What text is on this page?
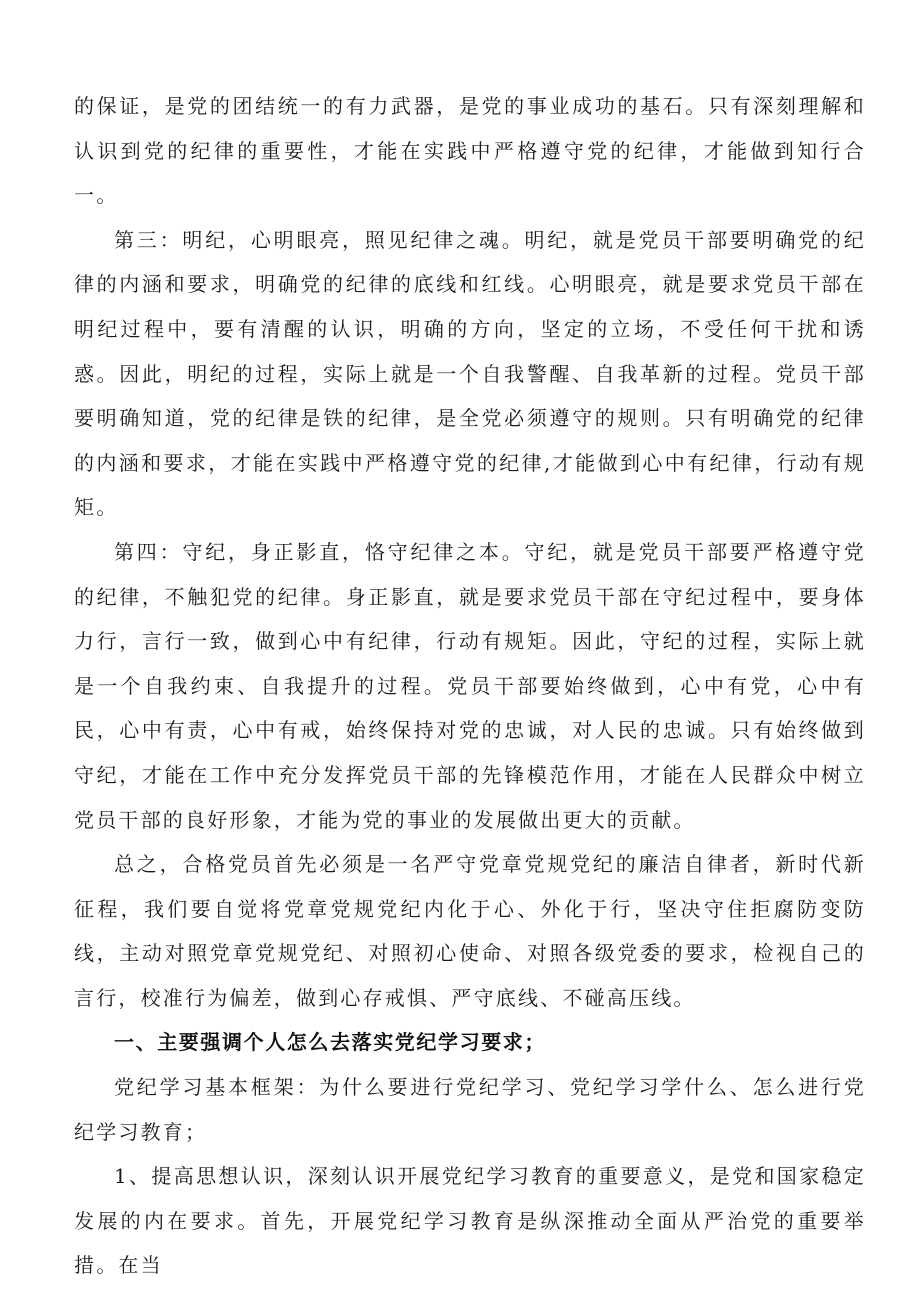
的保证，是党的团结统一的有力武器，是党的事业成功的基石。只有深刻理解和认识到党的纪律的重要性，才能在实践中严格遵守党的纪律，才能做到知行合一。

第三：明纪，心明眼亮，照见纪律之魂。明纪，就是党员干部要明确党的纪律的内涵和要求，明确党的纪律的底线和红线。心明眼亮，就是要求党员干部在明纪过程中，要有清醒的认识，明确的方向，坚定的立场，不受任何干扰和诱惑。因此，明纪的过程，实际上就是一个自我警醒、自我革新的过程。党员干部要明确知道，党的纪律是铁的纪律，是全党必须遵守的规则。只有明确党的纪律的内涵和要求，才能在实践中严格遵守党的纪律,才能做到心中有纪律，行动有规矩。

第四：守纪，身正影直，恪守纪律之本。守纪，就是党员干部要严格遵守党的纪律，不触犯党的纪律。身正影直，就是要求党员干部在守纪过程中，要身体力行，言行一致，做到心中有纪律，行动有规矩。因此，守纪的过程，实际上就是一个自我约束、自我提升的过程。党员干部要始终做到，心中有党，心中有民，心中有责，心中有戒，始终保持对党的忠诚，对人民的忠诚。只有始终做到守纪，才能在工作中充分发挥党员干部的先锋模范作用，才能在人民群众中树立党员干部的良好形象，才能为党的事业的发展做出更大的贡献。

总之，合格党员首先必须是一名严守党章党规党纪的廉洁自律者，新时代新征程，我们要自觉将党章党规党纪内化于心、外化于行，坚决守住拒腐防变防线，主动对照党章党规党纪、对照初心使命、对照各级党委的要求，检视自己的言行，校准行为偏差，做到心存戒惧、严守底线、不碰高压线。

一、主要强调个人怎么去落实党纪学习要求；

党纪学习基本框架：为什么要进行党纪学习、党纪学习学什么、怎么进行党纪学习教育；

1、提高思想认识，深刻认识开展党纪学习教育的重要意义，是党和国家稳定发展的内在要求。首先，开展党纪学习教育是纵深推动全面从严治党的重要举措。在当
